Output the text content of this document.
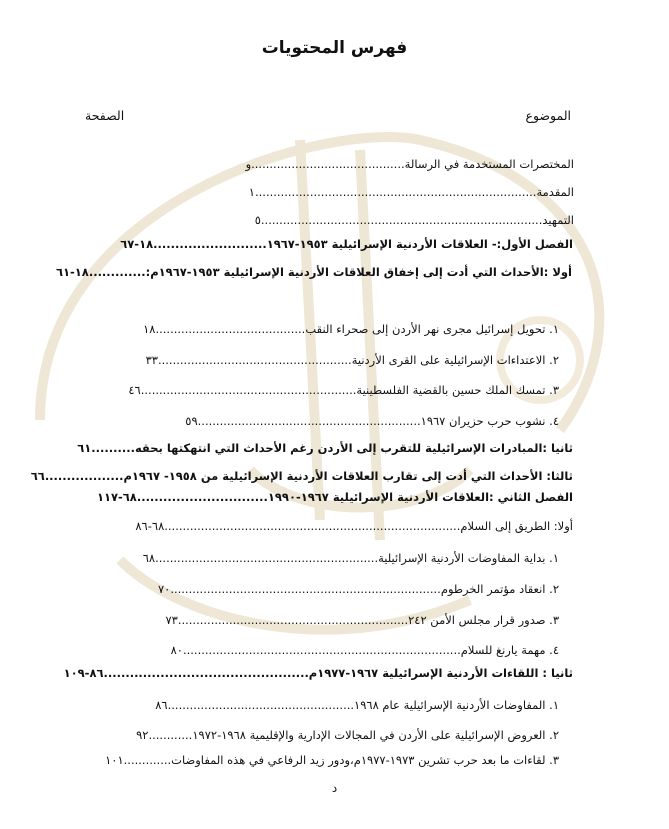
فهرس المحتويات
الموضوع
الصفحة
المختصرات المستخدمة في الرسالة..........................................و
المقدمة.............................................................................١
التمهيد.............................................................................٥
الفصل الأول:- العلاقات الأردنية الإسرائيلية ١٩٥٣-١٩٦٧..........................١٨-٦٧
أولا :الأحداث التي أدت إلى إخفاق العلاقات الأردنية الإسرائيلية ١٩٥٣-١٩٦٧م:.............١٨-٦١
١. تحويل إسرائيل مجرى نهر الأردن إلى صحراء النقب.........................................١٨
٢. الاعتداءات الإسرائيلية على القرى الأردنية.....................................................٣٣
٣. تمسك الملك حسين بالقضية الفلسطينية...........................................................٤٦
٤. نشوب حرب حزيران ١٩٦٧.............................................................٥٩
ثانيا :المبادرات الإسرائيلية للتقرب إلى الأردن رغم الأحداث التي انتهكتها بحقه..........٦١
ثالثا: الأحداث التي أدت إلى تقارب العلاقات الأردنية الإسرائيلية من ١٩٥٨- ١٩٦٧م..................٦٦
الفصل الثاني :العلاقات الأردنية الإسرائيلية ١٩٦٧-١٩٩٠..............................٦٨-١١٧
أولا: الطريق إلى السلام.................................................................................٦٨-٨٦
١. بداية المفاوضات الأردنية الإسرائيلية.............................................................٦٨
٢. انعقاد مؤتمر الخرطوم..........................................................................٧٠
٣. صدور قرار مجلس الأمن ٢٤٢...............................................................٧٣
٤. مهمة يارنغ للسلام............................................................................٨٠
ثانيا : اللقاءات الأردنية الإسرائيلية ١٩٦٧-١٩٧٧م...............................................٨٦-١٠٩
١. المفاوضات الأردنية الإسرائيلية عام ١٩٦٨...................................................٨٦
٢. العروض الإسرائيلية على الأردن في المجالات الإدارية والإقليمية ١٩٦٨-١٩٧٢............٩٢
٣. لقاءات ما بعد حرب تشرين ١٩٧٣-١٩٧٧م،ودور زيد الرفاعي في هذه المفاوضات.............١٠١
د
